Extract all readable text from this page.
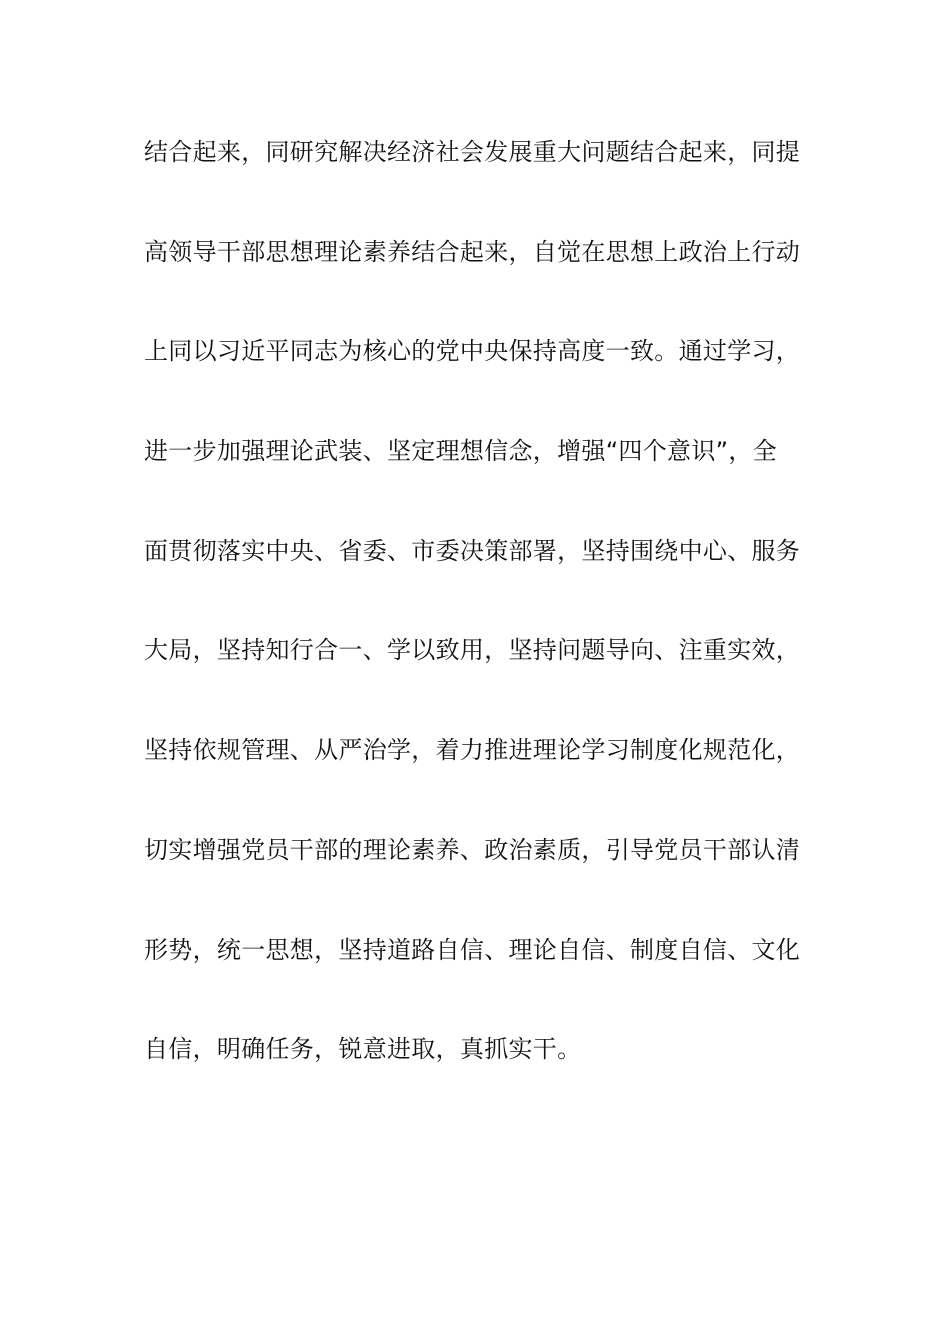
结合起来，同研究解决经济社会发展重大问题结合起来，同提
高领导干部思想理论素养结合起来，自觉在思想上政治上行动
上同以习近平同志为核心的党中央保持高度一致。通过学习，
进一步加强理论武装、坚定理想信念，增强“四个意识”，全
面贯彻落实中央、省委、市委决策部署，坚持围绕中心、服务
大局，坚持知行合一、学以致用，坚持问题导向、注重实效，
坚持依规管理、从严治学，着力推进理论学习制度化规范化，
切实增强党员干部的理论素养、政治素质，引导党员干部认清
形势，统一思想，坚持道路自信、理论自信、制度自信、文化
自信，明确任务，锐意进取，真抓实干。
